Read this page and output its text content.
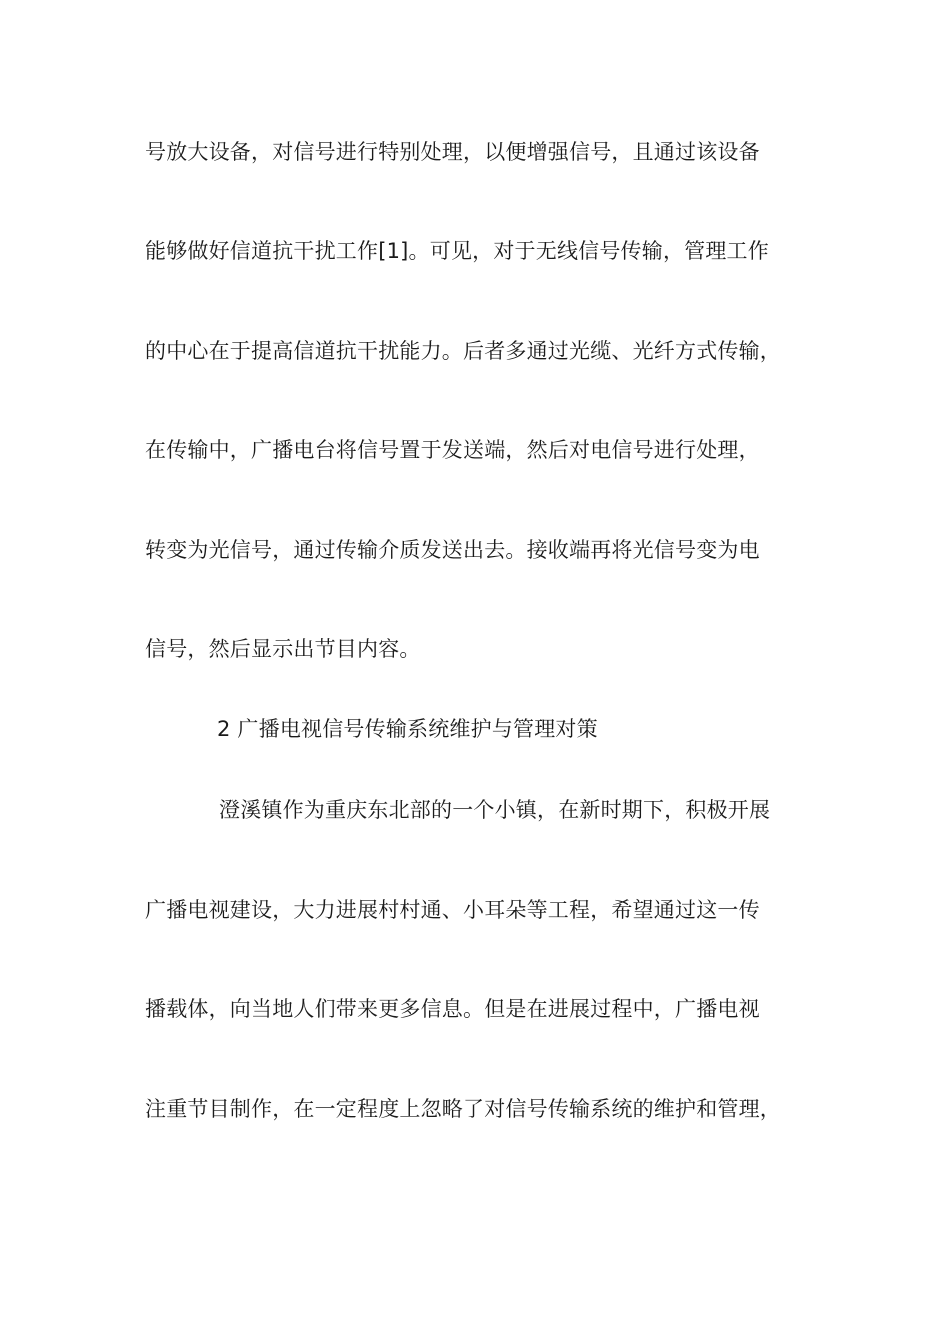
号放大设备，对信号进行特别处理，以便增强信号，且通过该设备
能够做好信道抗干扰工作[1]。可见，对于无线信号传输，管理工作
的中心在于提高信道抗干扰能力。后者多通过光缆、光纤方式传输，
在传输中，广播电台将信号置于发送端，然后对电信号进行处理，
转变为光信号，通过传输介质发送出去。接收端再将光信号变为电
信号，然后显示出节目内容。
2 广播电视信号传输系统维护与管理对策
澄溪镇作为重庆东北部的一个小镇，在新时期下，积极开展
广播电视建设，大力进展村村通、小耳朵等工程，希望通过这一传
播载体，向当地人们带来更多信息。但是在进展过程中，广播电视
注重节目制作，在一定程度上忽略了对信号传输系统的维护和管理，
